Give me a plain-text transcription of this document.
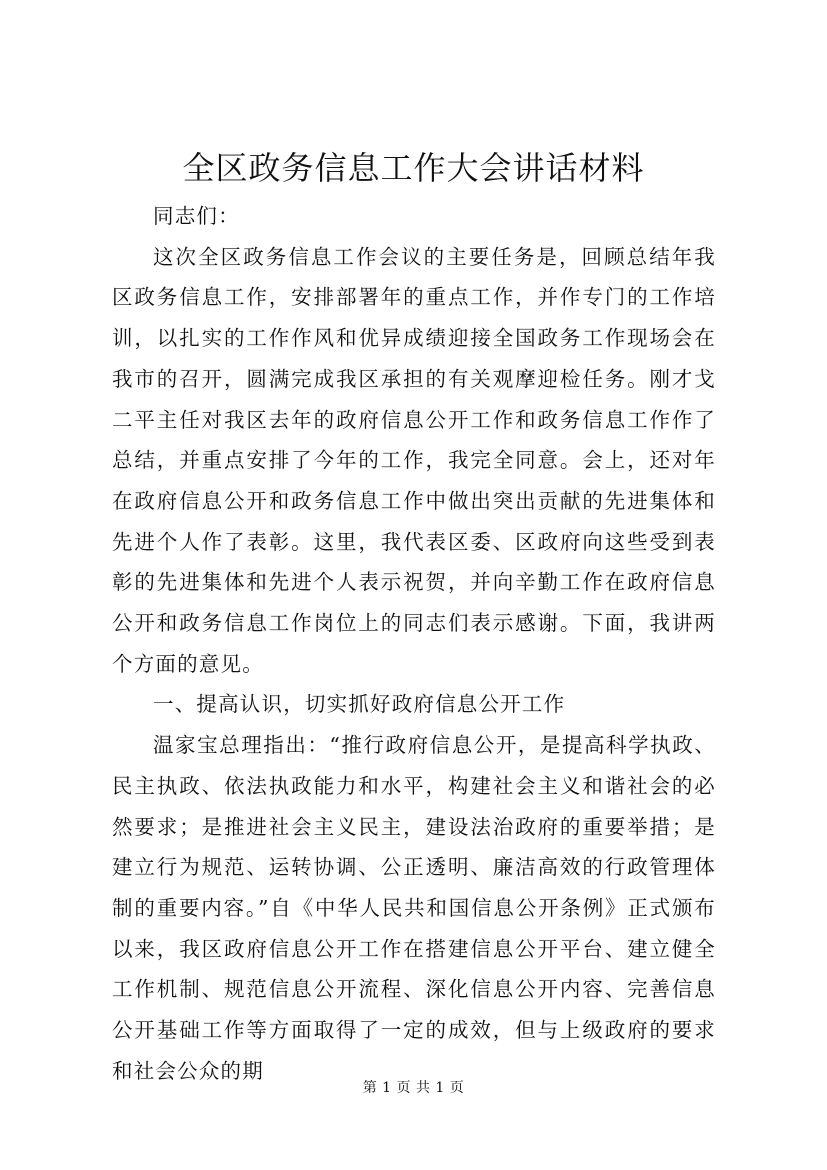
全区政务信息工作大会讲话材料

同志们：

这次全区政务信息工作会议的主要任务是，回顾总结年我区政务信息工作，安排部署年的重点工作，并作专门的工作培训，以扎实的工作作风和优异成绩迎接全国政务工作现场会在我市的召开，圆满完成我区承担的有关观摩迎检任务。刚才戈二平主任对我区去年的政府信息公开工作和政务信息工作作了总结，并重点安排了今年的工作，我完全同意。会上，还对年在政府信息公开和政务信息工作中做出突出贡献的先进集体和先进个人作了表彰。这里，我代表区委、区政府向这些受到表彰的先进集体和先进个人表示祝贺，并向辛勤工作在政府信息公开和政务信息工作岗位上的同志们表示感谢。下面，我讲两个方面的意见。

一、提高认识，切实抓好政府信息公开工作

温家宝总理指出：“推行政府信息公开，是提高科学执政、民主执政、依法执政能力和水平，构建社会主义和谐社会的必然要求；是推进社会主义民主，建设法治政府的重要举措；是建立行为规范、运转协调、公正透明、廉洁高效的行政管理体制的重要内容。”自《中华人民共和国信息公开条例》正式颁布以来，我区政府信息公开工作在搭建信息公开平台、建立健全工作机制、规范信息公开流程、深化信息公开内容、完善信息公开基础工作等方面取得了一定的成效，但与上级政府的要求和社会公众的期

第 1 页 共 1 页
